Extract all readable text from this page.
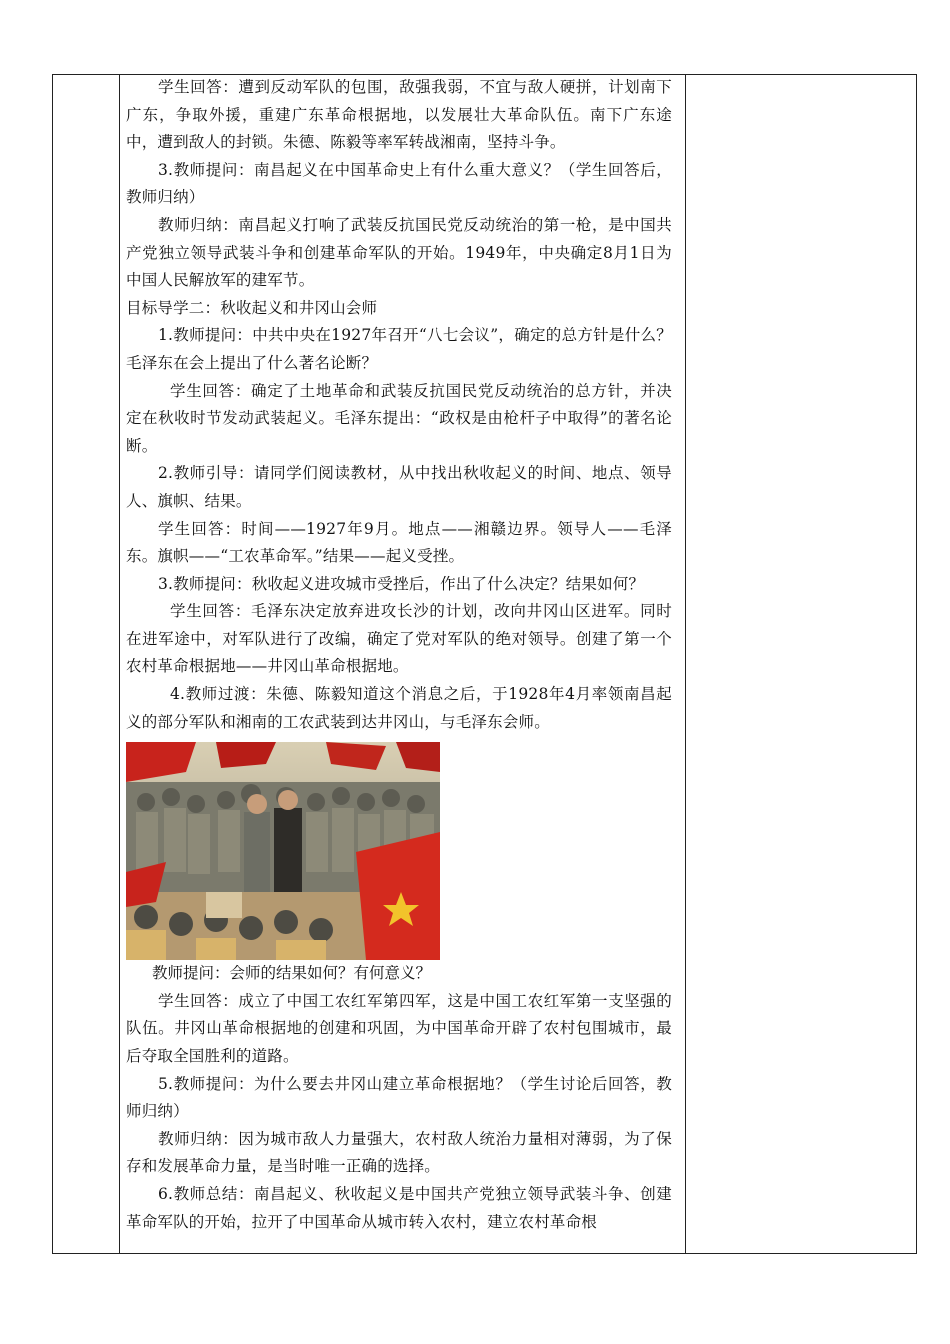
学生回答：遭到反动军队的包围，敌强我弱，不宜与敌人硬拼，计划南下广东，争取外援，重建广东革命根据地，以发展壮大革命队伍。南下广东途中，遭到敌人的封锁。朱德、陈毅等率军转战湘南，坚持斗争。

3.教师提问：南昌起义在中国革命史上有什么重大意义？（学生回答后，教师归纳）

教师归纳：南昌起义打响了武装反抗国民党反动统治的第一枪，是中国共产党独立领导武装斗争和创建革命军队的开始。1949年，中央确定8月1日为中国人民解放军的建军节。

目标导学二：秋收起义和井冈山会师

1.教师提问：中共中央在1927年召开“八七会议”，确定的总方针是什么？毛泽东在会上提出了什么著名论断？

学生回答：确定了土地革命和武装反抗国民党反动统治的总方针，并决定在秋收时节发动武装起义。毛泽东提出：“政权是由枪杆子中取得”的著名论断。

2.教师引导：请同学们阅读教材，从中找出秋收起义的时间、地点、领导人、旗帜、结果。

学生回答：时间——1927年9月。地点——湘赣边界。领导人——毛泽东。旗帜——“工农革命军。”结果——起义受挫。

3.教师提问：秋收起义进攻城市受挫后，作出了什么决定？结果如何？

学生回答：毛泽东决定放弃进攻长沙的计划，改向井冈山区进军。同时在进军途中，对军队进行了改编，确定了党对军队的绝对领导。创建了第一个农村革命根据地——井冈山革命根据地。

4.教师过渡：朱德、陈毅知道这个消息之后，于1928年4月率领南昌起义的部分军队和湘南的工农武装到达井冈山，与毛泽东会师。

教师提问：会师的结果如何？有何意义？

学生回答：成立了中国工农红军第四军，这是中国工农红军第一支坚强的队伍。井冈山革命根据地的创建和巩固，为中国革命开辟了农村包围城市，最后夺取全国胜利的道路。

5.教师提问：为什么要去井冈山建立革命根据地？（学生讨论后回答，教师归纳）

教师归纳：因为城市敌人力量强大，农村敌人统治力量相对薄弱，为了保存和发展革命力量，是当时唯一正确的选择。

6.教师总结：南昌起义、秋收起义是中国共产党独立领导武装斗争、创建革命军队的开始，拉开了中国革命从城市转入农村，建立农村革命根
